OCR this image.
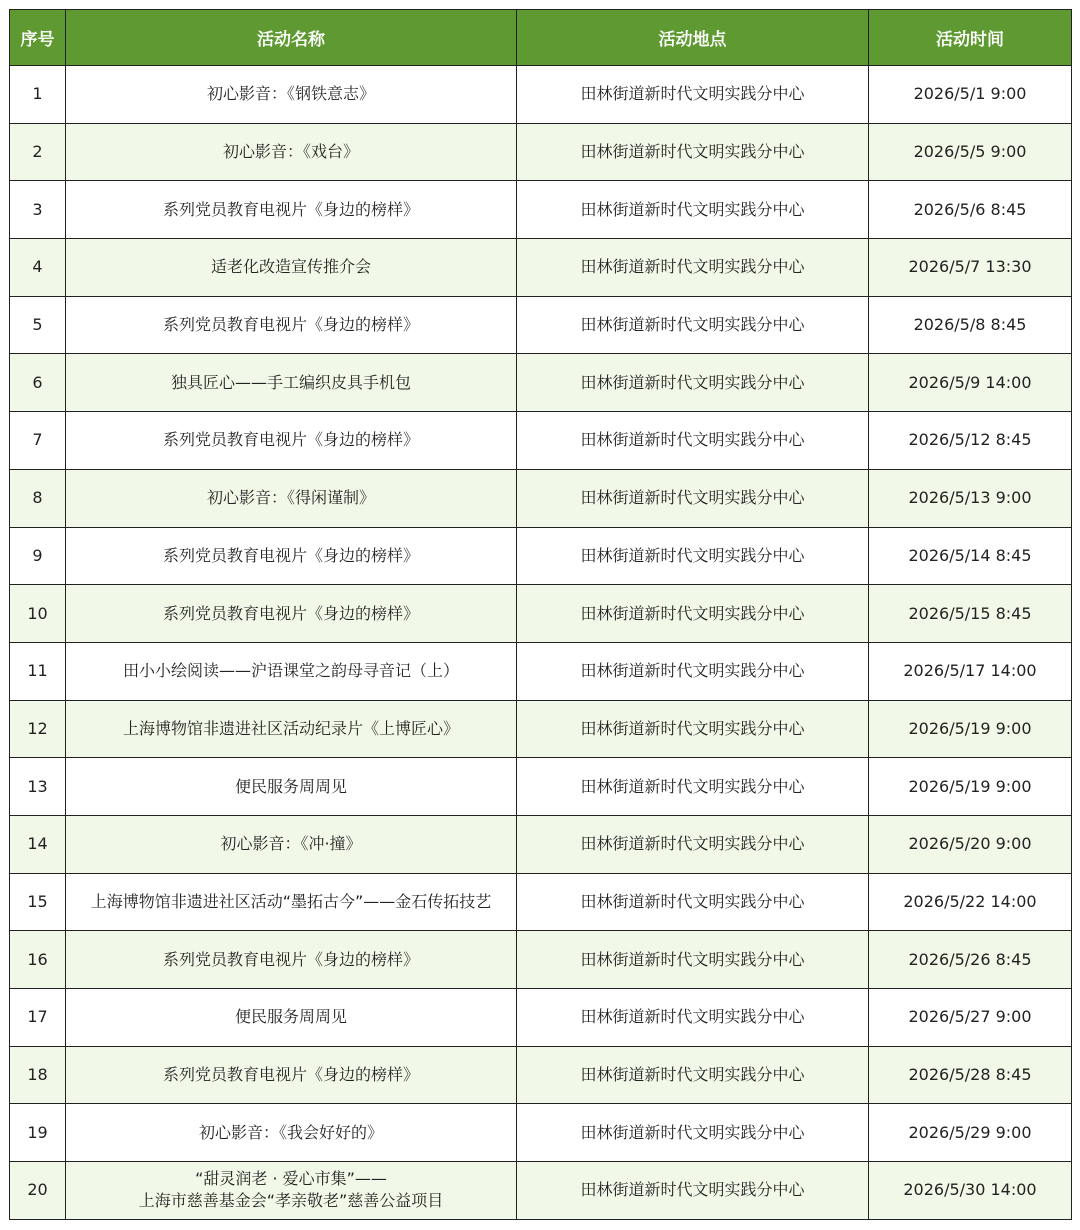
序号	活动名称	活动地点	活动时间
1	初心影音：《钢铁意志》	田林街道新时代文明实践分中心	2026/5/1 9:00
2	初心影音：《戏台》	田林街道新时代文明实践分中心	2026/5/5 9:00
3	系列党员教育电视片《身边的榜样》	田林街道新时代文明实践分中心	2026/5/6 8:45
4	适老化改造宣传推介会	田林街道新时代文明实践分中心	2026/5/7 13:30
5	系列党员教育电视片《身边的榜样》	田林街道新时代文明实践分中心	2026/5/8 8:45
6	独具匠心——手工编织皮具手机包	田林街道新时代文明实践分中心	2026/5/9 14:00
7	系列党员教育电视片《身边的榜样》	田林街道新时代文明实践分中心	2026/5/12 8:45
8	初心影音：《得闲谨制》	田林街道新时代文明实践分中心	2026/5/13 9:00
9	系列党员教育电视片《身边的榜样》	田林街道新时代文明实践分中心	2026/5/14 8:45
10	系列党员教育电视片《身边的榜样》	田林街道新时代文明实践分中心	2026/5/15 8:45
11	田小小绘阅读——沪语课堂之韵母寻音记（上）	田林街道新时代文明实践分中心	2026/5/17 14:00
12	上海博物馆非遗进社区活动纪录片《上博匠心》	田林街道新时代文明实践分中心	2026/5/19 9:00
13	便民服务周周见	田林街道新时代文明实践分中心	2026/5/19 9:00
14	初心影音：《冲·撞》	田林街道新时代文明实践分中心	2026/5/20 9:00
15	上海博物馆非遗进社区活动“墨拓古今”——金石传拓技艺	田林街道新时代文明实践分中心	2026/5/22 14:00
16	系列党员教育电视片《身边的榜样》	田林街道新时代文明实践分中心	2026/5/26 8:45
17	便民服务周周见	田林街道新时代文明实践分中心	2026/5/27 9:00
18	系列党员教育电视片《身边的榜样》	田林街道新时代文明实践分中心	2026/5/28 8:45
19	初心影音：《我会好好的》	田林街道新时代文明实践分中心	2026/5/29 9:00
20	“甜灵润老 · 爱心市集”——
上海市慈善基金会“孝亲敬老”慈善公益项目	田林街道新时代文明实践分中心	2026/5/30 14:00
